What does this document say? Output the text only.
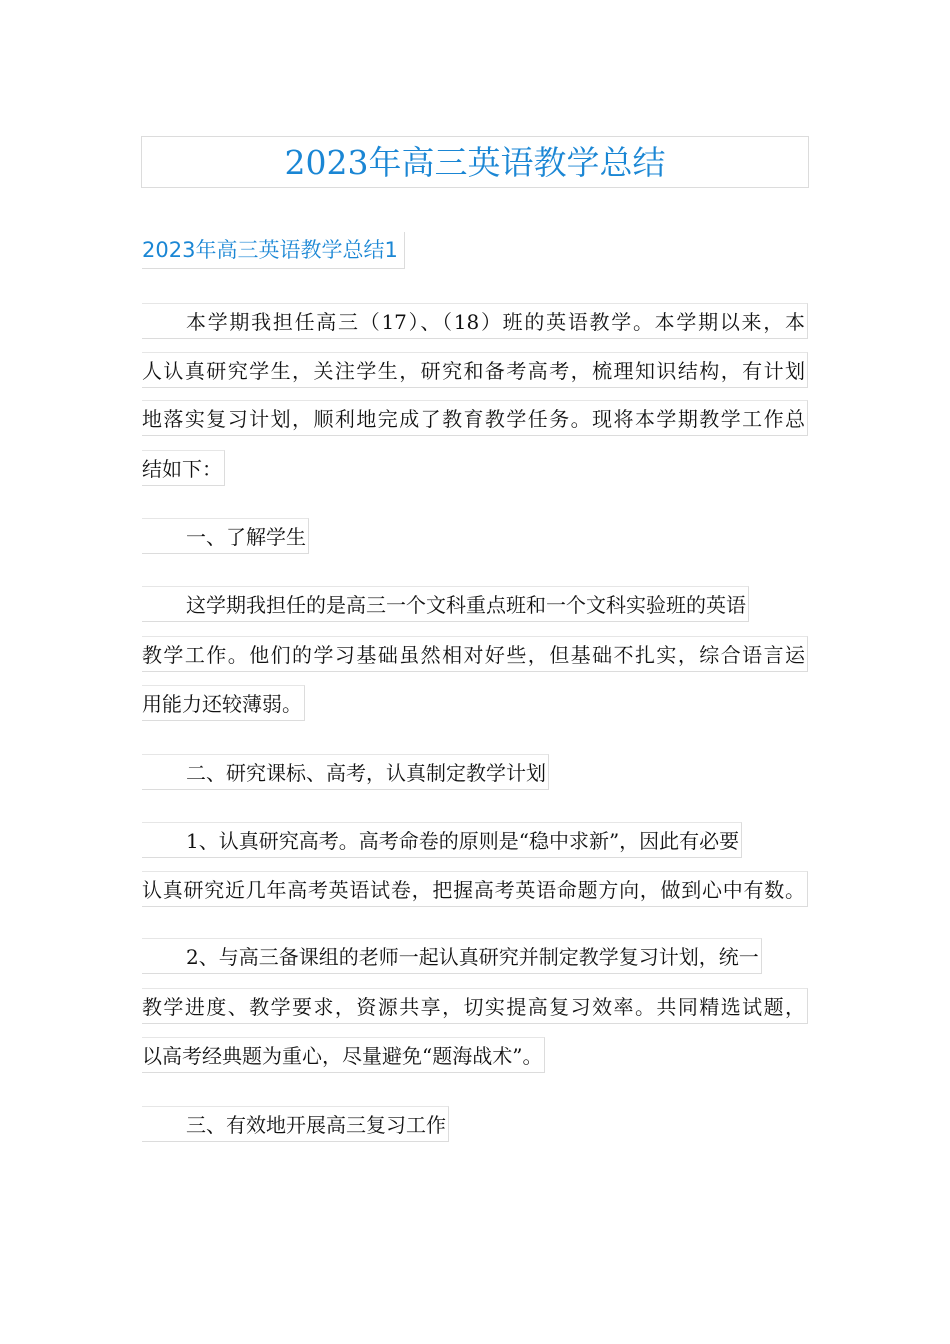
2023年高三英语教学总结
2023年高三英语教学总结1
本学期我担任高三（17）、（18）班的英语教学。本学期以来，本
人认真研究学生，关注学生，研究和备考高考，梳理知识结构，有计划
地落实复习计划，顺利地完成了教育教学任务。现将本学期教学工作总
结如下：
一、了解学生
这学期我担任的是高三一个文科重点班和一个文科实验班的英语
教学工作。他们的学习基础虽然相对好些，但基础不扎实，综合语言运
用能力还较薄弱。
二、研究课标、高考，认真制定教学计划
1、认真研究高考。高考命卷的原则是“稳中求新”，因此有必要
认真研究近几年高考英语试卷，把握高考英语命题方向，做到心中有数。
2、与高三备课组的老师一起认真研究并制定教学复习计划，统一
教学进度、教学要求，资源共享，切实提高复习效率。共同精选试题，
以高考经典题为重心，尽量避免“题海战术”。
三、有效地开展高三复习工作
